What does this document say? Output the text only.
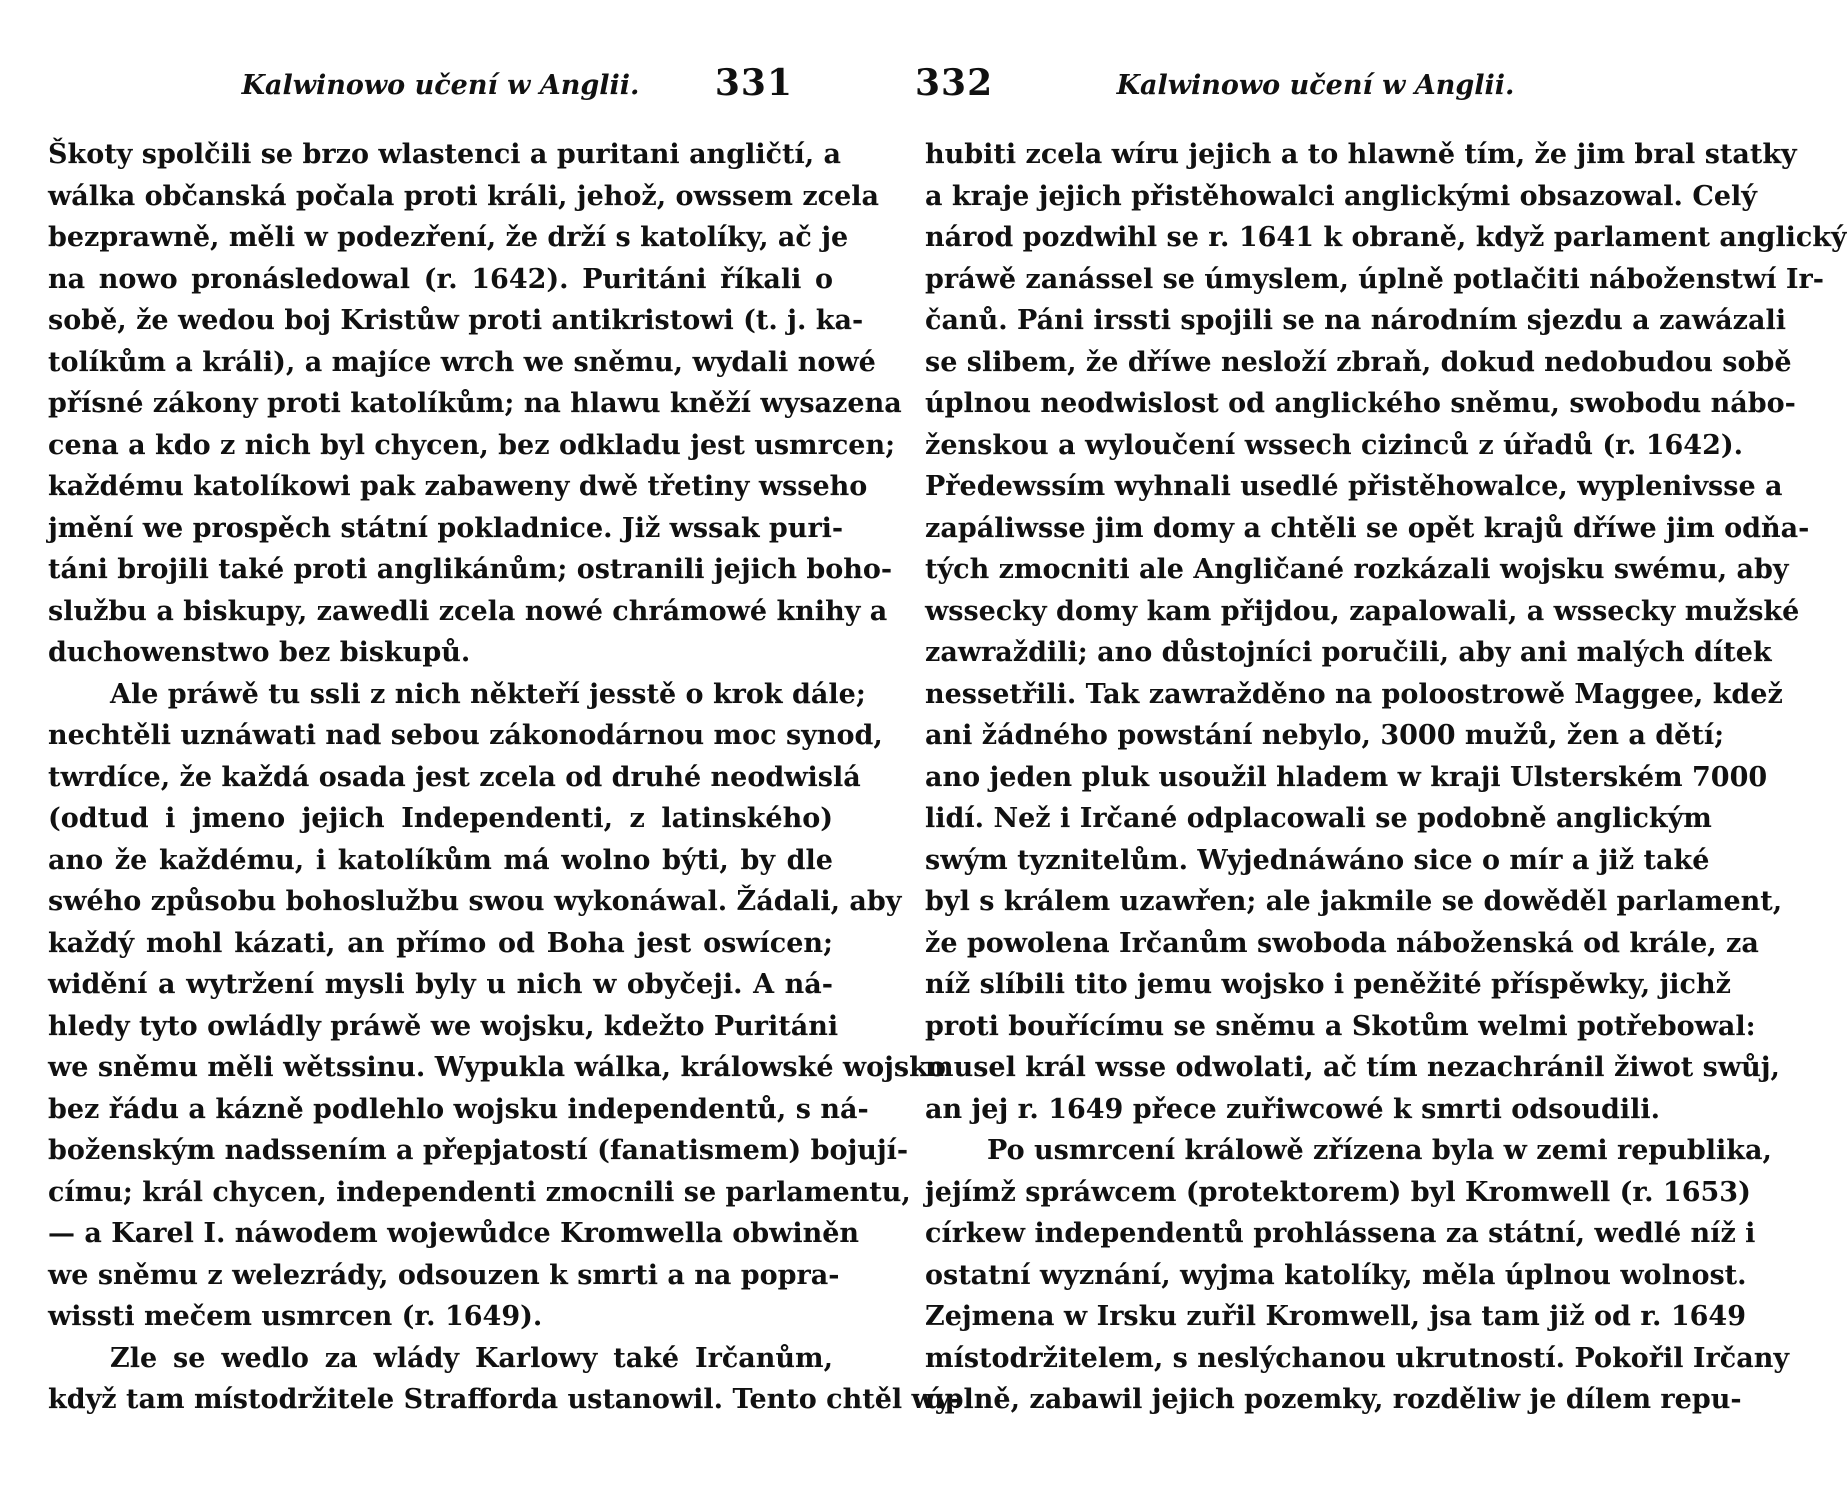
Kalwinowo učení w Anglii.	331
Škoty spolčili se brzo wlastenci a puritani angličtí, a
wálka občanská počala proti králi, jehož, owssem zcela
bezprawně, měli w podezření, že drží s katolíky, ač je
na nowo pronásledowal (r. 1642). Puritáni říkali o
sobě, že wedou boj Kristůw proti antikristowi (t. j. ka-
tolíkům a králi), a majíce wrch we sněmu, wydali nowé
přísné zákony proti katolíkům; na hlawu kněží wysazena
cena a kdo z nich byl chycen, bez odkladu jest usmrcen;
každému katolíkowi pak zabaweny dwě třetiny wsseho
jmění we prospěch státní pokladnice. Již wssak puri-
táni brojili také proti anglikánům; ostranili jejich boho-
službu a biskupy, zawedli zcela nowé chrámowé knihy a
duchowenstwo bez biskupů.
Ale práwě tu ssli z nich někteří jesstě o krok dále;
nechtěli uznáwati nad sebou zákonodárnou moc synod,
twrdíce, že každá osada jest zcela od druhé neodwislá
(odtud i jmeno jejich Independenti, z latinského)
ano že každému, i katolíkům má wolno býti, by dle
swého způsobu bohoslužbu swou wykonáwal. Žádali, aby
každý mohl kázati, an přímo od Boha jest oswícen;
widění a wytržení mysli byly u nich w obyčeji. A ná-
hledy tyto owládly práwě we wojsku, kdežto Puritáni
we sněmu měli wětssinu. Wypukla wálka, králowské wojsko
bez řádu a kázně podlehlo wojsku independentů, s ná-
boženským nadssením a přepjatostí (fanatismem) bojují-
címu; král chycen, independenti zmocnili se parlamentu,
— a Karel I. náwodem wojewůdce Kromwella obwiněn
we sněmu z welezrády, odsouzen k smrti a na popra-
wissti mečem usmrcen (r. 1649).
Zle se wedlo za wlády Karlowy také Irčanům,
když tam místodržitele Strafforda ustanowil. Tento chtěl wy-
332	Kalwinowo učení w Anglii.
hubiti zcela wíru jejich a to hlawně tím, že jim bral statky
a kraje jejich přistěhowalci anglickými obsazowal. Celý
národ pozdwihl se r. 1641 k obraně, když parlament anglický
práwě zanássel se úmyslem, úplně potlačiti náboženstwí Ir-
čanů. Páni irssti spojili se na národním sjezdu a zawázali
se slibem, že dříwe nesloží zbraň, dokud nedobudou sobě
úplnou neodwislost od anglického sněmu, swobodu nábo-
ženskou a wyloučení wssech cizinců z úřadů (r. 1642).
Předewssím wyhnali usedlé přistěhowalce, wyplenivsse a
zapáliwsse jim domy a chtěli se opět krajů dříwe jim odňa-
tých zmocniti ale Angličané rozkázali wojsku swému, aby
wssecky domy kam přijdou, zapalowali, a wssecky mužské
zawraždili; ano důstojníci poručili, aby ani malých dítek
nessetřili. Tak zawražděno na poloostrowě Maggee, kdež
ani žádného powstání nebylo, 3000 mužů, žen a dětí;
ano jeden pluk usoužil hladem w kraji Ulsterském 7000
lidí. Než i Irčané odplacowali se podobně anglickým
swým tyznitelům. Wyjednáwáno sice o mír a již také
byl s králem uzawřen; ale jakmile se dowěděl parlament,
že powolena Irčanům swoboda náboženská od krále, za
níž slíbili tito jemu wojsko i peněžité příspěwky, jichž
proti bouřícímu se sněmu a Skotům welmi potřebowal:
musel král wsse odwolati, ač tím nezachránil žiwot swůj,
an jej r. 1649 přece zuřiwcowé k smrti odsoudili.
Po usmrcení králowě zřízena byla w zemi republika,
jejímž spráwcem (protektorem) byl Kromwell (r. 1653)
církew independentů prohlássena za státní, wedlé níž i
ostatní wyznání, wyjma katolíky, měla úplnou wolnost.
Zejmena w Irsku zuřil Kromwell, jsa tam již od r. 1649
místodržitelem, s neslýchanou ukrutností. Pokořil Irčany
úplně, zabawil jejich pozemky, rozděliw je dílem repu-
